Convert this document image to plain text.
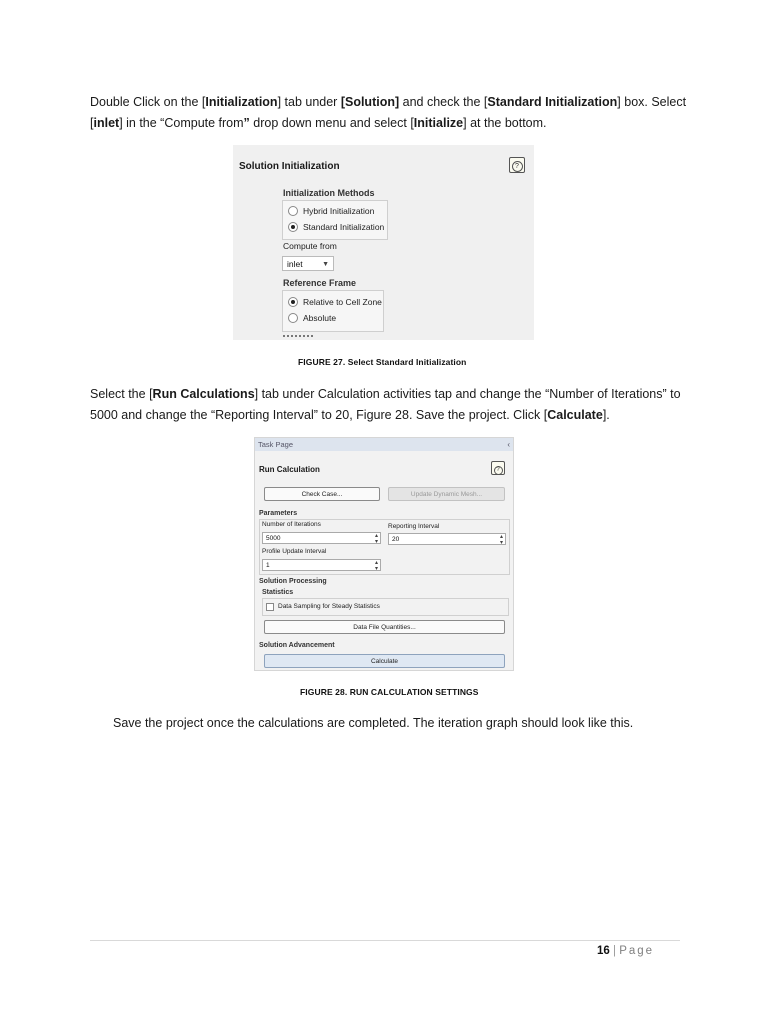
Double Click on the [Initialization] tab under [Solution] and check the [Standard Initialization] box. Select [inlet] in the “Compute from” drop down menu and select [Initialize] at the bottom.
Solution Initialization	?
Initialization Methods
Hybrid Initialization
Standard Initialization
Compute from
inlet	▼
Reference Frame
Relative to Cell Zone
Absolute
FIGURE 27. Select Standard Initialization
Select the [Run Calculations] tab under Calculation activities tap and change the “Number of Iterations” to 5000 and change the “Reporting Interval” to 20, Figure 28. Save the project. Click [Calculate].
Task Page	‹
Run Calculation	?
Check Case...	Update Dynamic Mesh...
Parameters
Number of Iterations
5000	▴
▾
Reporting Interval
20	▴
▾
Profile Update Interval
1	▴
▾
Solution Processing
Statistics
Data Sampling for Steady Statistics
Data File Quantities...
Solution Advancement
Calculate
FIGURE 28. RUN CALCULATION SETTINGS
Save the project once the calculations are completed. The iteration graph should look like this.
16 | Page
